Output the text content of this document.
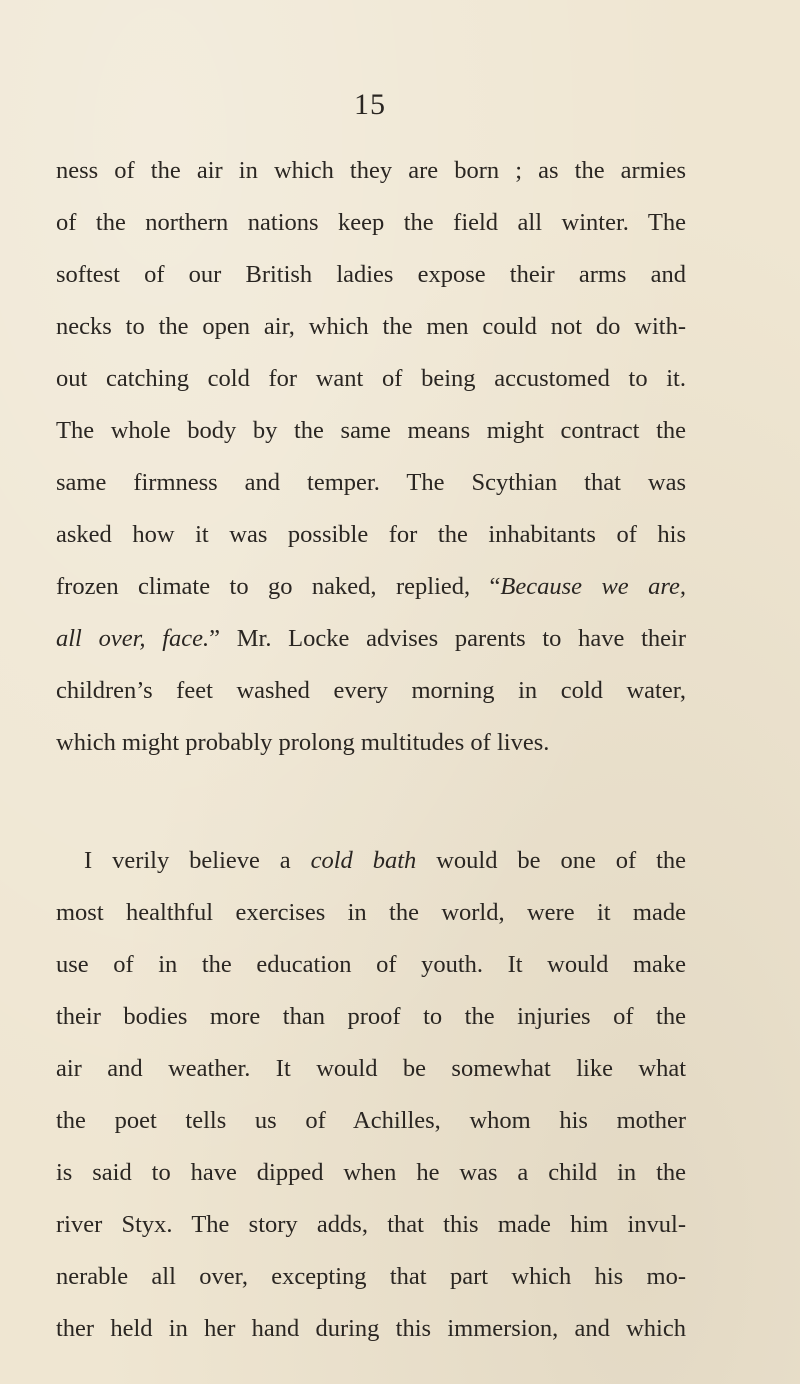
15
ness of the air in which they are born ; as the armies
of the northern nations keep the field all winter. The
softest of our British ladies expose their arms and
necks to the open air, which the men could not do with-
out catching cold for want of being accustomed to it.
The whole body by the same means might contract the
same firmness and temper. The Scythian that was
asked how it was possible for the inhabitants of his
frozen climate to go naked, replied, “Because we are,
all over, face.” Mr. Locke advises parents to have their
children’s feet washed every morning in cold water,
which might probably prolong multitudes of lives.
I verily believe a cold bath would be one of the
most healthful exercises in the world, were it made
use of in the education of youth. It would make
their bodies more than proof to the injuries of the
air and weather. It would be somewhat like what
the poet tells us of Achilles, whom his mother
is said to have dipped when he was a child in the
river Styx. The story adds, that this made him invul-
nerable all over, excepting that part which his mo-
ther held in her hand during this immersion, and which
